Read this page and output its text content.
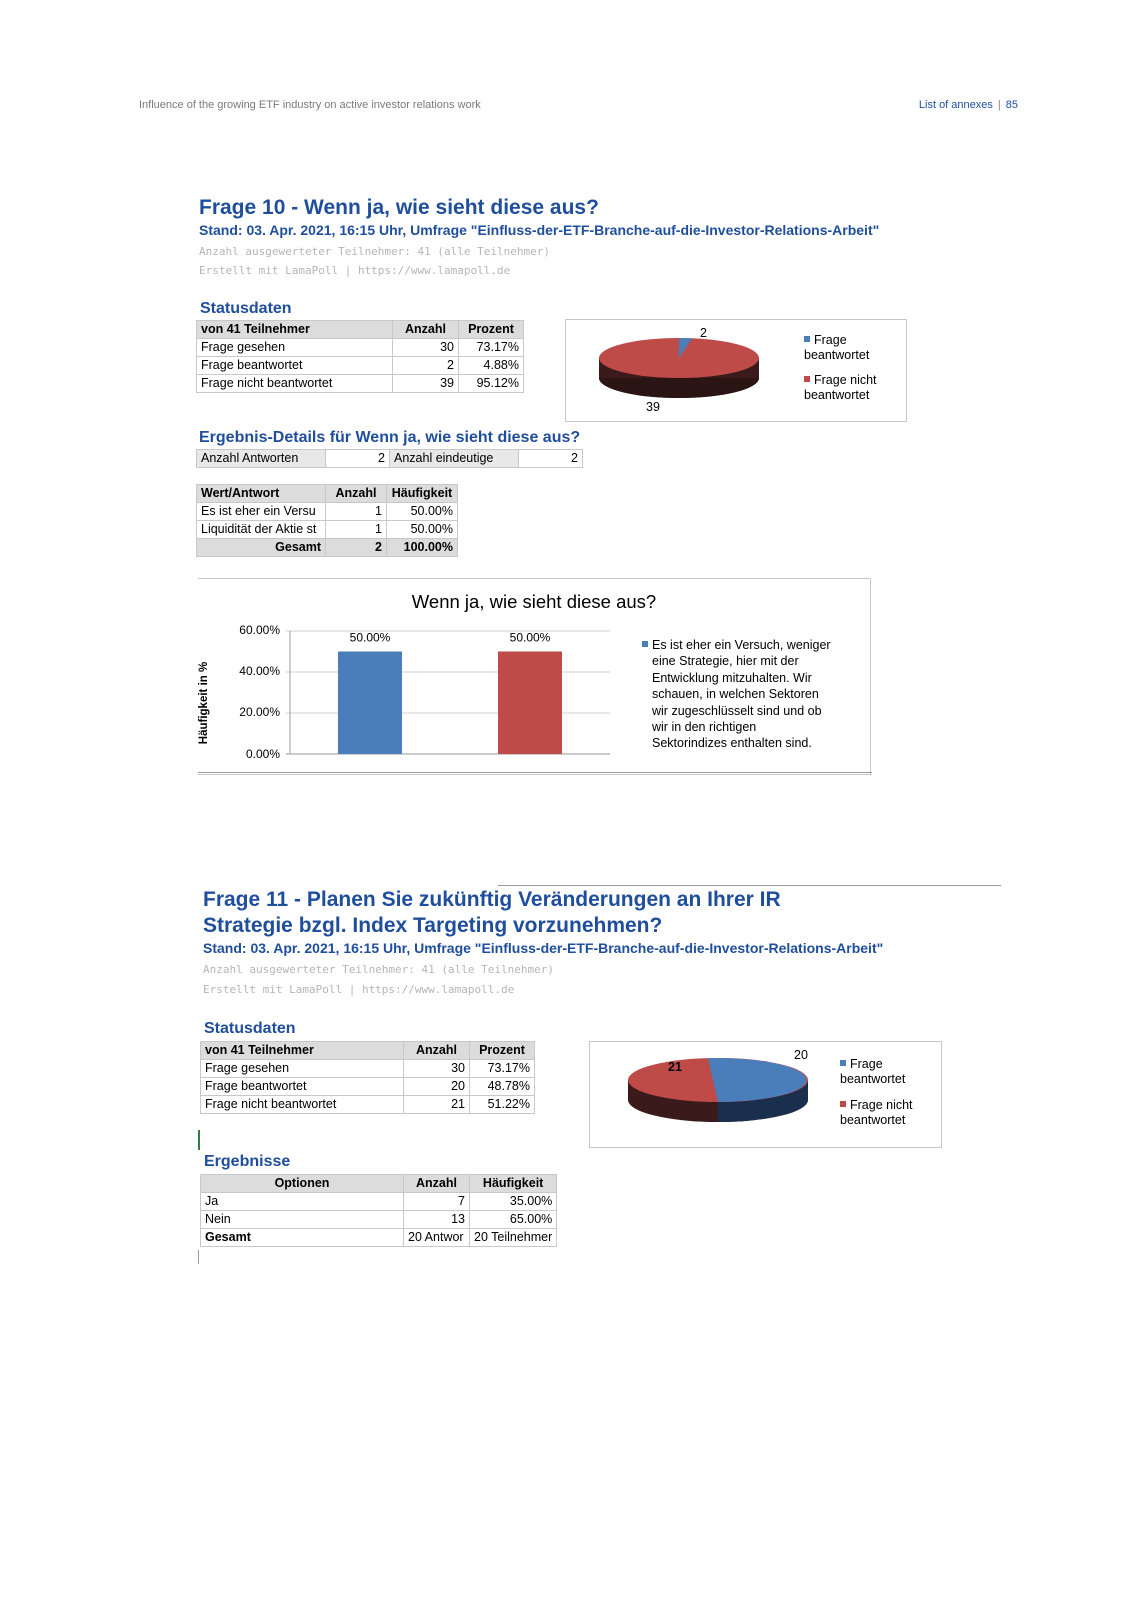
Influence of the growing ETF industry on active investor relations work	List of annexes | 85
Frage 10 - Wenn ja, wie sieht diese aus?
Stand: 03. Apr. 2021, 16:15 Uhr, Umfrage "Einfluss-der-ETF-Branche-auf-die-Investor-Relations-Arbeit"
Anzahl ausgewerteter Teilnehmer: 41 (alle Teilnehmer)
Erstellt mit LamaPoll | https://www.lamapoll.de
Statusdaten
von 41 Teilnehmer	Anzahl	Prozent
Frage gesehen	30	73.17%
Frage beantwortet	2	4.88%
Frage nicht beantwortet	39	95.12%
2
39
Frage beantwortet
Frage nicht beantwortet
Ergebnis-Details für Wenn ja, wie sieht diese aus?
Anzahl Antworten	2	Anzahl eindeutige	2
Wert/Antwort	Anzahl	Häufigkeit
Es ist eher ein Versu	1	50.00%
Liquidität der Aktie st	1	50.00%
Gesamt	2	100.00%
Wenn ja, wie sieht diese aus?
Häufigkeit in %
60.00%
40.00%
20.00%
0.00%
50.00%	50.00%
Es ist eher ein Versuch, weniger
eine Strategie, hier mit der
Entwicklung mitzuhalten. Wir
schauen, in welchen Sektoren
wir zugeschlüsselt sind und ob
wir in den richtigen
Sektorindizes enthalten sind.
Frage 11 - Planen Sie zukünftig Veränderungen an Ihrer IR
Strategie bzgl. Index Targeting vorzunehmen?
Stand: 03. Apr. 2021, 16:15 Uhr, Umfrage "Einfluss-der-ETF-Branche-auf-die-Investor-Relations-Arbeit"
Anzahl ausgewerteter Teilnehmer: 41 (alle Teilnehmer)
Erstellt mit LamaPoll | https://www.lamapoll.de
Statusdaten
von 41 Teilnehmer	Anzahl	Prozent
Frage gesehen	30	73.17%
Frage beantwortet	20	48.78%
Frage nicht beantwortet	21	51.22%
21
20
Frage beantwortet
Frage nicht beantwortet
Ergebnisse
Optionen	Anzahl	Häufigkeit
Ja	7	35.00%
Nein	13	65.00%
Gesamt	20 Antwor	20 Teilnehmer
